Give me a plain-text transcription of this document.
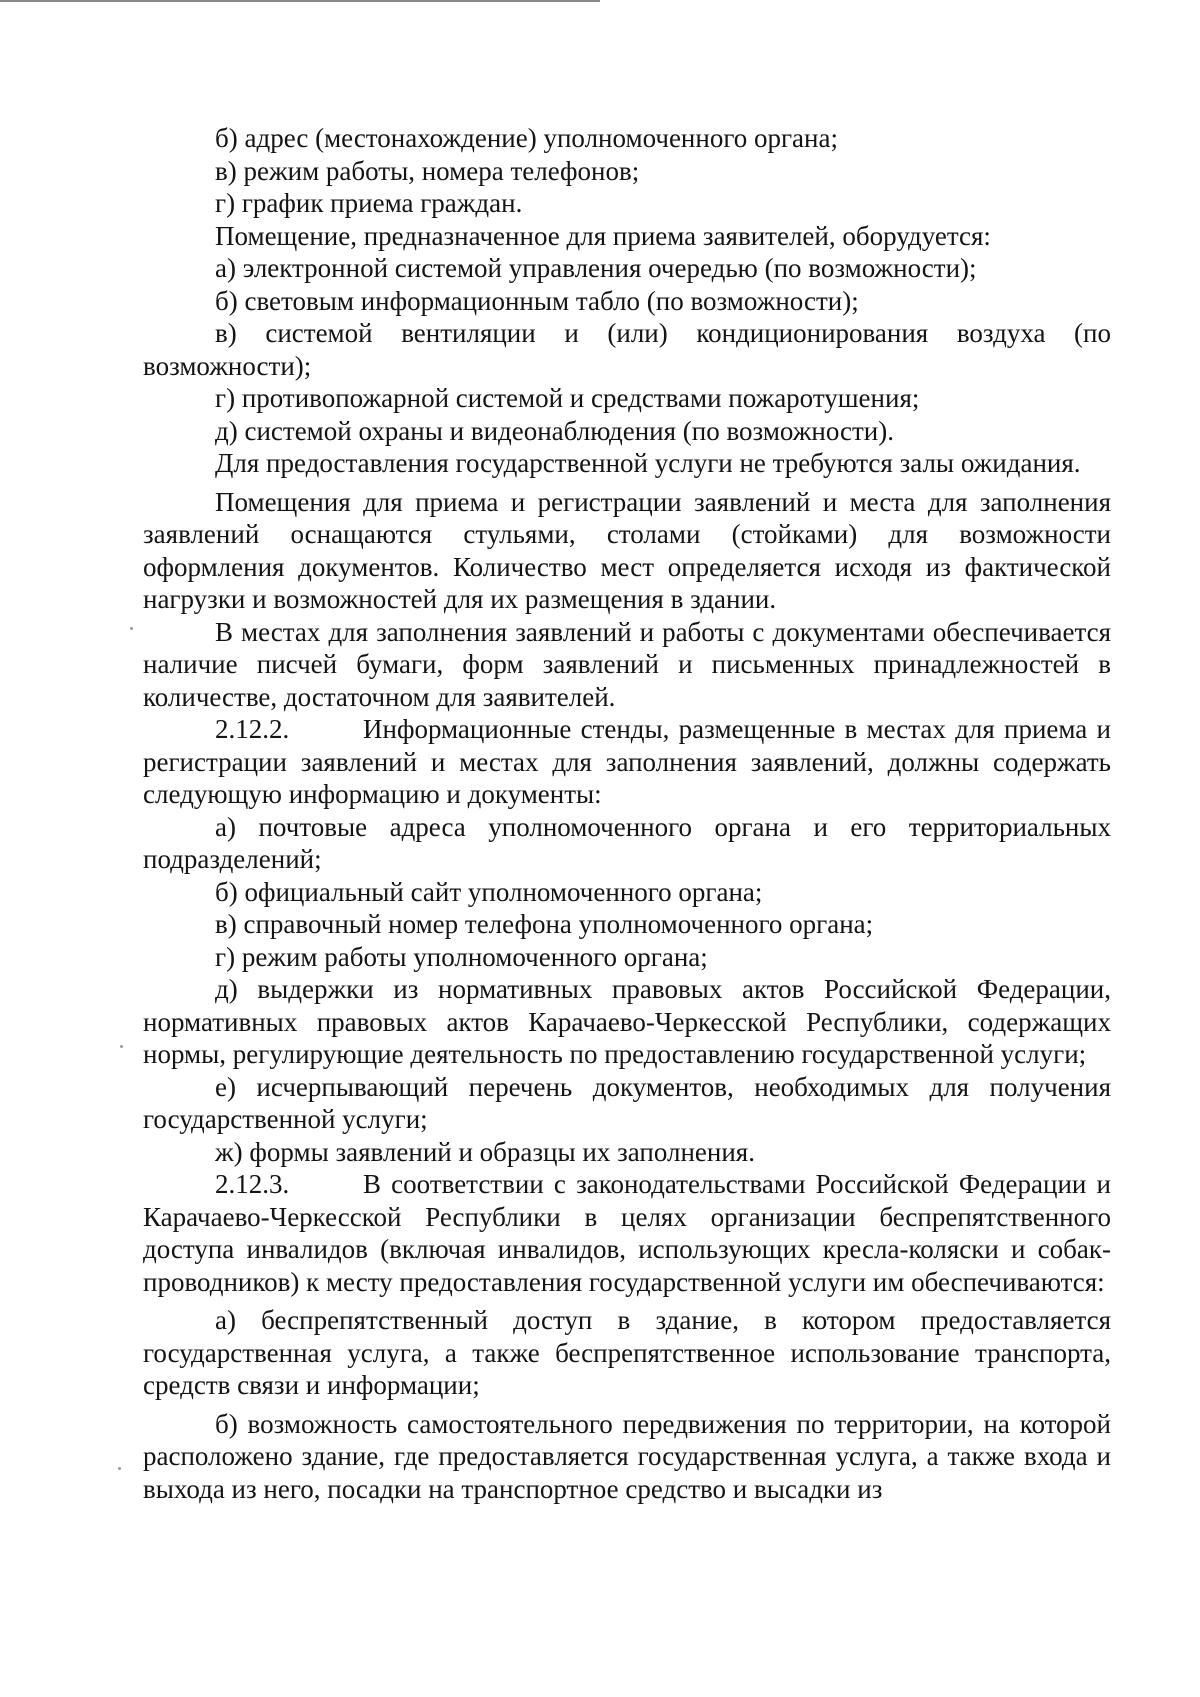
б) адрес (местонахождение) уполномоченного органа;

в) режим работы, номера телефонов;

г) график приема граждан.

Помещение, предназначенное для приема заявителей, оборудуется:

а) электронной системой управления очередью (по возможности);

б) световым информационным табло (по возможности);

в) системой вентиляции и (или) кондиционирования воздуха (по возможности);

г) противопожарной системой и средствами пожаротушения;

д) системой охраны и видеонаблюдения (по возможности).

Для предоставления государственной услуги не требуются залы ожидания.

Помещения для приема и регистрации заявлений и места для заполнения заявлений оснащаются стульями, столами (стойками) для возможности оформления документов. Количество мест определяется исходя из фактической нагрузки и возможностей для их размещения в здании.

В местах для заполнения заявлений и работы с документами обеспечивается наличие писчей бумаги, форм заявлений и письменных принадлежностей в количестве, достаточном для заявителей.

2.12.2.	Информационные стенды, размещенные в местах для приема и регистрации заявлений и местах для заполнения заявлений, должны содержать следующую информацию и документы:

а) почтовые адреса уполномоченного органа и его территориальных подразделений;

б) официальный сайт уполномоченного органа;

в) справочный номер телефона уполномоченного органа;

г) режим работы уполномоченного органа;

д) выдержки из нормативных правовых актов Российской Федерации, нормативных правовых актов Карачаево-Черкесской Республики, содержащих нормы, регулирующие деятельность по предоставлению государственной услуги;

е) исчерпывающий перечень документов, необходимых для получения государственной услуги;

ж) формы заявлений и образцы их заполнения.

2.12.3.	В соответствии с законодательствами Российской Федерации и Карачаево-Черкесской Республики в целях организации беспрепятственного доступа инвалидов (включая инвалидов, использующих кресла-коляски и собак-проводников) к месту предоставления государственной услуги им обеспечиваются:

а) беспрепятственный доступ в здание, в котором предоставляется государственная услуга, а также беспрепятственное использование транспорта, средств связи и информации;

б) возможность самостоятельного передвижения по территории, на которой расположено здание, где предоставляется государственная услуга, а также входа и выхода из него, посадки на транспортное средство и высадки из
